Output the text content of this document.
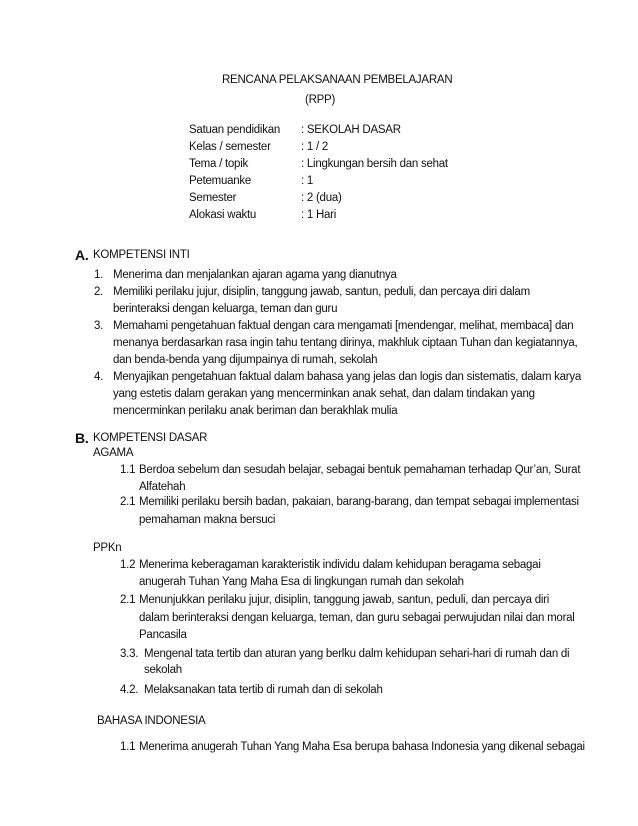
RENCANA PELAKSANAAN PEMBELAJARAN
(RPP)
Satuan pendidikan : SEKOLAH DASAR
Kelas / semester	: 1 / 2
Tema / topik	: Lingkungan bersih dan sehat
Petemuanke	: 1
Semester	: 2 (dua)
Alokasi waktu	: 1 Hari
A. KOMPETENSI INTI
1. Menerima dan menjalankan ajaran agama yang dianutnya
2. Memiliki perilaku jujur, disiplin, tanggung jawab, santun, peduli, dan percaya diri dalam
berinteraksi dengan keluarga, teman dan guru
3. Memahami pengetahuan faktual dengan cara mengamati [mendengar, melihat, membaca] dan
menanya berdasarkan rasa ingin tahu tentang dirinya, makhluk ciptaan Tuhan dan kegiatannya,
dan benda-benda yang dijumpainya di rumah, sekolah
4. Menyajikan pengetahuan faktual dalam bahasa yang jelas dan logis dan sistematis, dalam karya
yang estetis dalam gerakan yang mencerminkan anak sehat, dan dalam tindakan yang
mencerminkan perilaku anak beriman dan berakhlak mulia
B. KOMPETENSI DASAR
AGAMA
1.1 Berdoa sebelum dan sesudah belajar, sebagai bentuk pemahaman terhadap Qur’an, Surat
Alfatehah
2.1 Memiliki perilaku bersih badan, pakaian, barang-barang, dan tempat sebagai implementasi
pemahaman makna bersuci
PPKn
1.2 Menerima keberagaman karakteristik individu dalam kehidupan beragama sebagai
anugerah Tuhan Yang Maha Esa di lingkungan rumah dan sekolah
2.1 Menunjukkan perilaku jujur, disiplin, tanggung jawab, santun, peduli, dan percaya diri
dalam berinteraksi dengan keluarga, teman, dan guru sebagai perwujudan nilai dan moral
Pancasila
3.3. Mengenal tata tertib dan aturan yang berlku dalm kehidupan sehari-hari di rumah dan di
sekolah
4.2. Melaksanakan tata tertib di rumah dan di sekolah
BAHASA INDONESIA
1.1 Menerima anugerah Tuhan Yang Maha Esa berupa bahasa Indonesia yang dikenal sebagai
